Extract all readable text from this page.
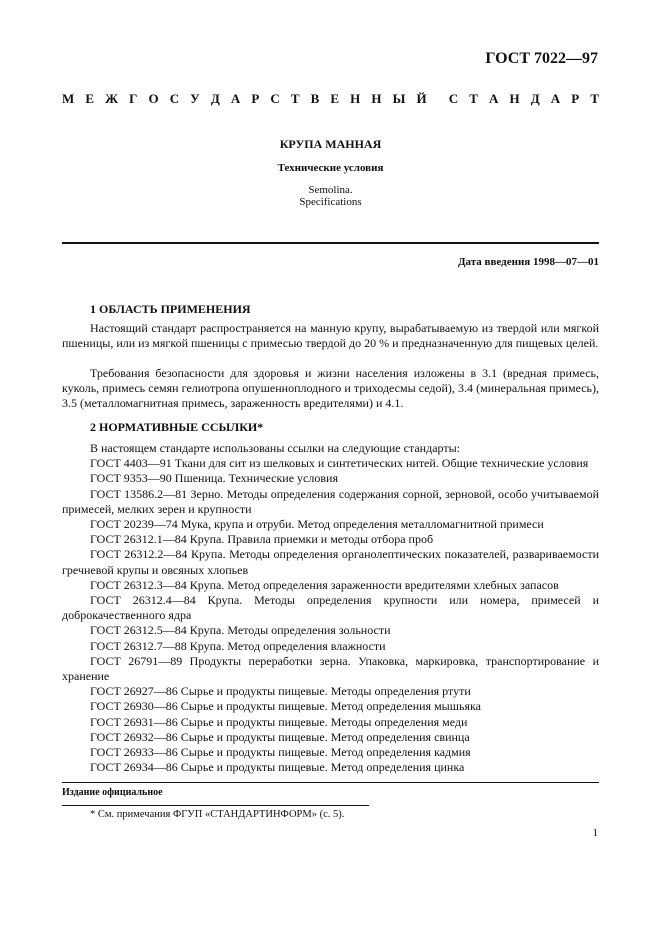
ГОСТ 7022—97
М Е Ж Г О С У Д А Р С Т В Е Н Н Ы Й С Т А Н Д А Р Т
КРУПА МАННАЯ
Технические условия
Semolina.
Specifications
Дата введения 1998—07—01
1 ОБЛАСТЬ ПРИМЕНЕНИЯ

Настоящий стандарт распространяется на манную крупу, вырабатываемую из твердой или мягкой пшеницы, или из мягкой пшеницы с примесью твердой до 20 % и предназначенную для пищевых целей.

Требования безопасности для здоровья и жизни населения изложены в 3.1 (вредная примесь, куколь, примесь семян гелиотропа опушенноплодного и триходесмы седой), 3.4 (минеральная примесь), 3.5 (металломагнитная примесь, зараженность вредителями) и 4.1.

2 НОРМАТИВНЫЕ ССЫЛКИ*

В настоящем стандарте использованы ссылки на следующие стандарты:

ГОСТ 4403—91 Ткани для сит из шелковых и синтетических нитей. Общие технические условия

ГОСТ 9353—90 Пшеница. Технические условия

ГОСТ 13586.2—81 Зерно. Методы определения содержания сорной, зерновой, особо учитываемой примесей, мелких зерен и крупности

ГОСТ 20239—74 Мука, крупа и отруби. Метод определения металломагнитной примеси

ГОСТ 26312.1—84 Крупа. Правила приемки и методы отбора проб

ГОСТ 26312.2—84 Крупа. Методы определения органолептических показателей, развариваемости гречневой крупы и овсяных хлопьев

ГОСТ 26312.3—84 Крупа. Метод определения зараженности вредителями хлебных запасов

ГОСТ 26312.4—84 Крупа. Методы определения крупности или номера, примесей и доброкачественного ядра

ГОСТ 26312.5—84 Крупа. Методы определения зольности

ГОСТ 26312.7—88 Крупа. Метод определения влажности

ГОСТ 26791—89 Продукты переработки зерна. Упаковка, маркировка, транспортирование и хранение

ГОСТ 26927—86 Сырье и продукты пищевые. Методы определения ртути

ГОСТ 26930—86 Сырье и продукты пищевые. Метод определения мышьяка

ГОСТ 26931—86 Сырье и продукты пищевые. Методы определения меди

ГОСТ 26932—86 Сырье и продукты пищевые. Метод определения свинца

ГОСТ 26933—86 Сырье и продукты пищевые. Метод определения кадмия

ГОСТ 26934—86 Сырье и продукты пищевые. Метод определения цинка

Издание официальное
* См. примечания ФГУП «СТАНДАРТИНФОРМ» (с. 5).
1
